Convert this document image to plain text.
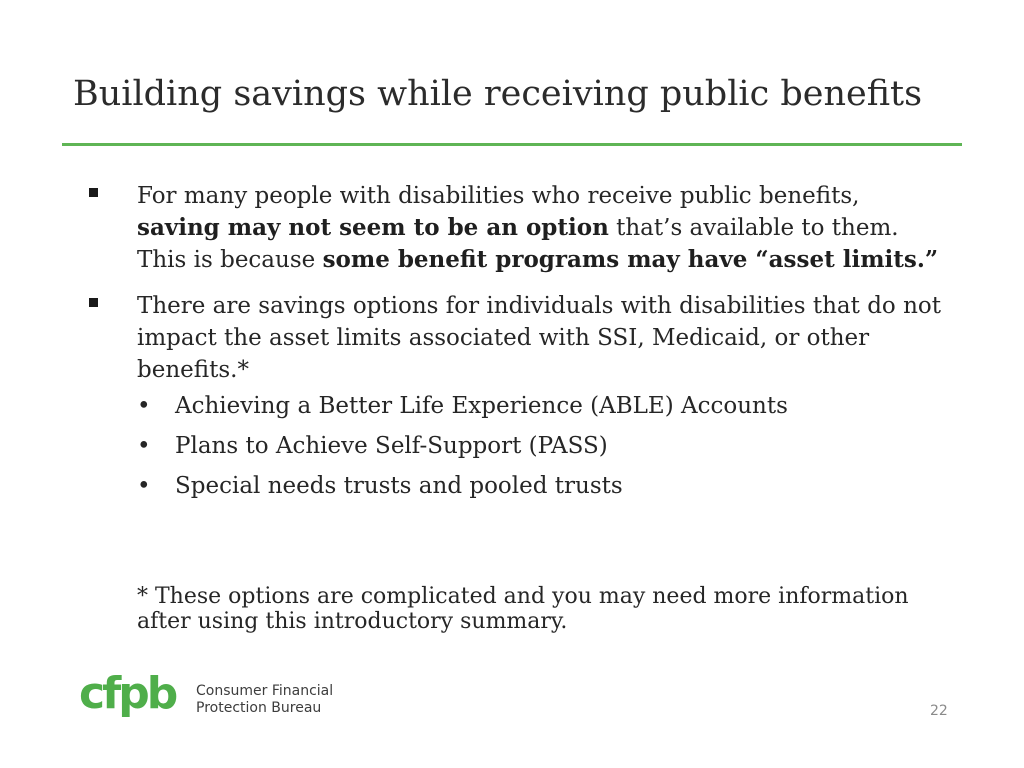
Building savings while receiving public benefits
For many people with disabilities who receive public benefits, saving may not seem to be an option that’s available to them. This is because some benefit programs may have “asset limits.”
There are savings options for individuals with disabilities that do not impact the asset limits associated with SSI, Medicaid, or other benefits.*
• Achieving a Better Life Experience (ABLE) Accounts
• Plans to Achieve Self-Support (PASS)
• Special needs trusts and pooled trusts
* These options are complicated and you may need more information after using this introductory summary.
cfpb Consumer Financial
Protection Bureau	22
